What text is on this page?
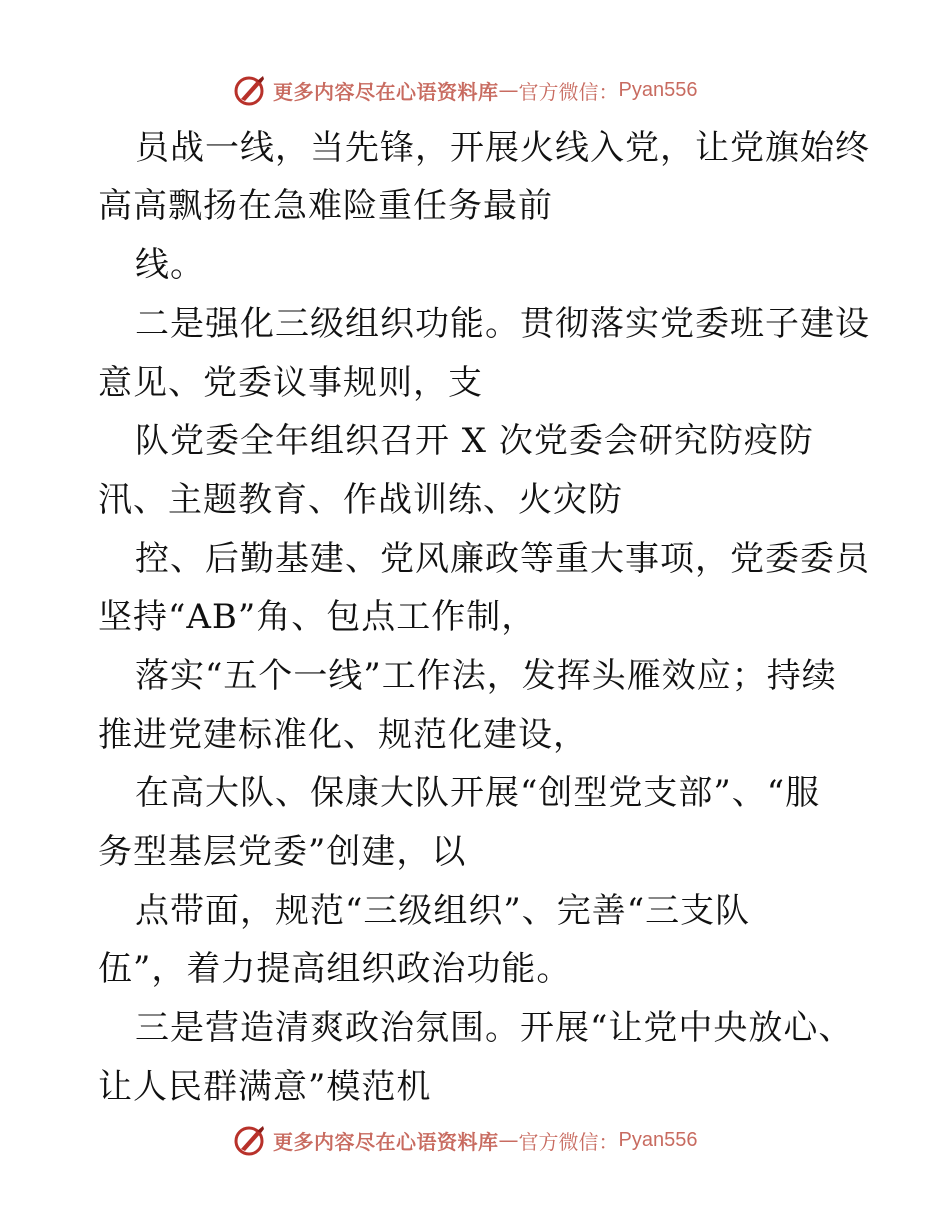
更多内容尽在心语资料库 — 官方微信： Pyan556
员战一线，当先锋，开展火线入党，让党旗始终
高高飘扬在急难险重任务最前
线。
二是强化三级组织功能。贯彻落实党委班子建设
意见、党委议事规则，支
队党委全年组织召开 X 次党委会研究防疫防
汛、主题教育、作战训练、火灾防
控、后勤基建、党风廉政等重大事项，党委委员
坚持“AB”角、包点工作制，
落实“五个一线”工作法，发挥头雁效应；持续
推进党建标准化、规范化建设，
在高大队、保康大队开展“创型党支部”、“服
务型基层党委”创建，以
点带面，规范“三级组织”、完善“三支队
伍”，着力提高组织政治功能。
三是营造清爽政治氛围。开展“让党中央放心、
让人民群满意”模范机
更多内容尽在心语资料库 — 官方微信： Pyan556
